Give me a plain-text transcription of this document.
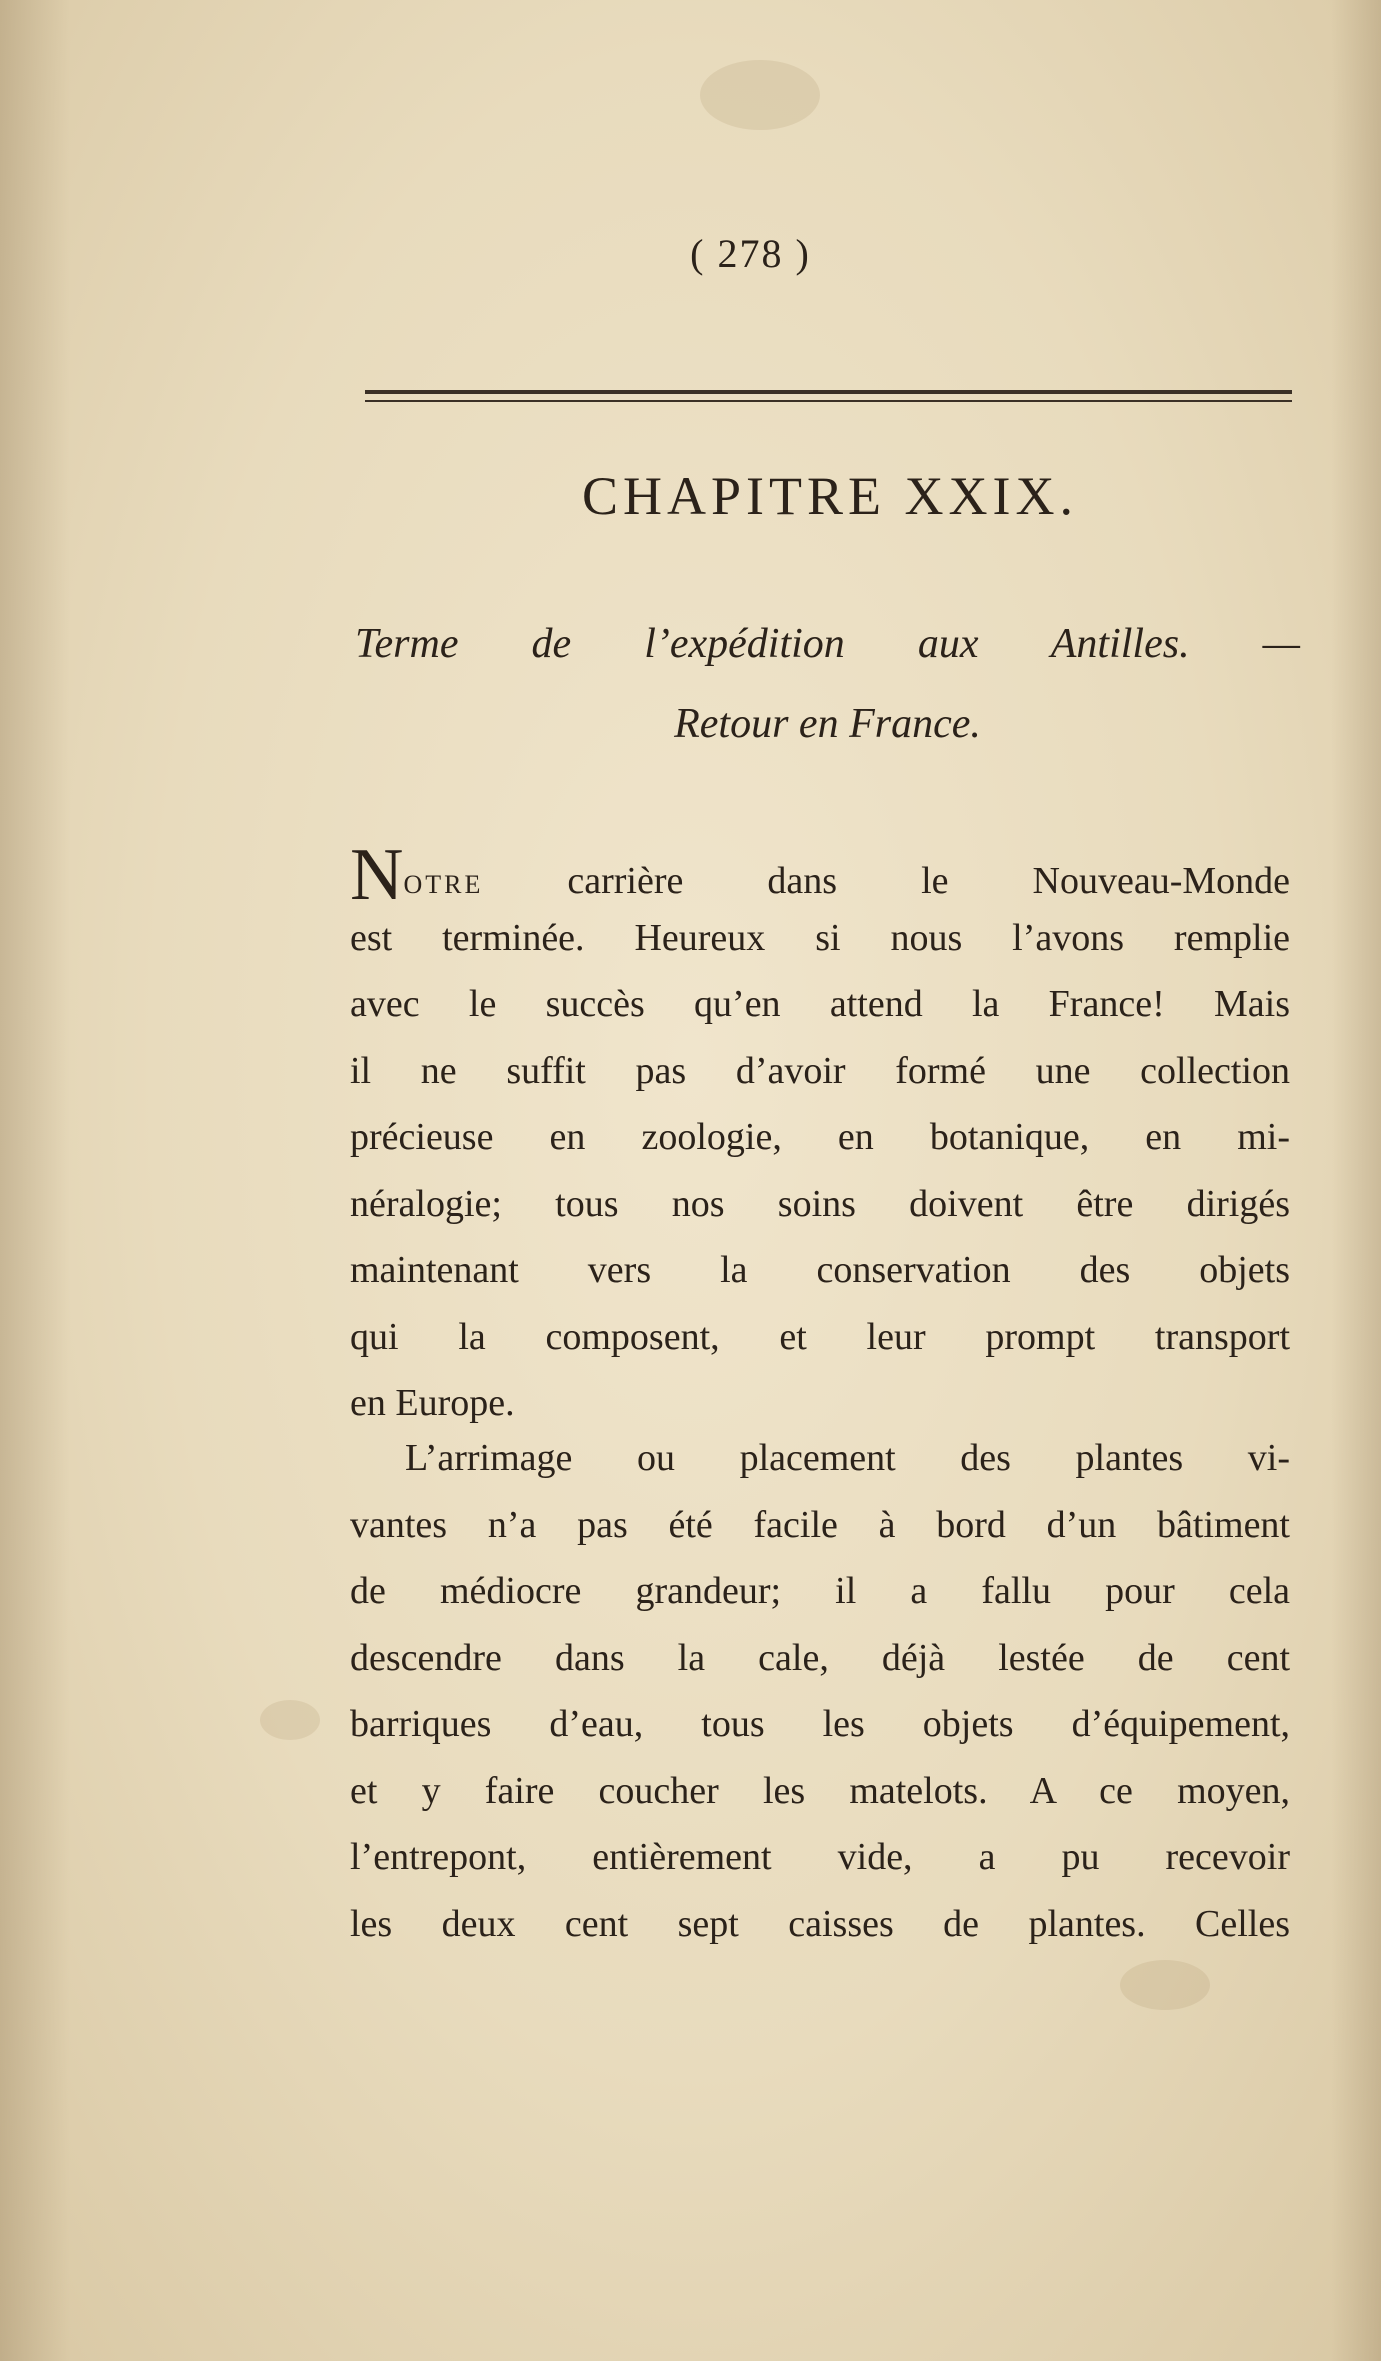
( 278 )
CHAPITRE XXIX.
Terme de l’expédition aux Antilles. —
Retour en France.
NOTRE carrière dans le Nouveau-Monde
est terminée. Heureux si nous l’avons remplie
avec le succès qu’en attend la France! Mais
il ne suffit pas d’avoir formé une collection
précieuse en zoologie, en botanique, en mi-
néralogie; tous nos soins doivent être dirigés
maintenant vers la conservation des objets
qui la composent, et leur prompt transport
en Europe.
L’arrimage ou placement des plantes vi-
vantes n’a pas été facile à bord d’un bâtiment
de médiocre grandeur; il a fallu pour cela
descendre dans la cale, déjà lestée de cent
barriques d’eau, tous les objets d’équipement,
et y faire coucher les matelots. A ce moyen,
l’entrepont, entièrement vide, a pu recevoir
les deux cent sept caisses de plantes. Celles
